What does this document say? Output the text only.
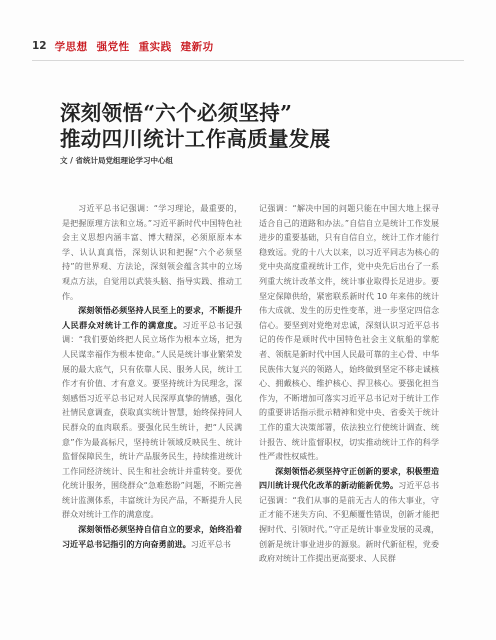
12 学思想 强党性 重实践 建新功
深刻领悟“六个必须坚持”
推动四川统计工作高质量发展
文 / 省统计局党组理论学习中心组

习近平总书记强调：“学习理论，最重要的，是把握原理方法和立场。”习近平新时代中国特色社会主义思想内涵丰富、博大精深，必须原原本本学、认认真真悟，深刻认识和把握“六个必须坚持”的世界观、方法论，深刻领会蕴含其中的立场观点方法，自觉用以武装头脑、指导实践、推动工作。

深刻领悟必须坚持人民至上的要求，不断提升人民群众对统计工作的满意度。习近平总书记强调：“我们要始终把人民立场作为根本立场，把为人民谋幸福作为根本使命。”人民是统计事业繁荣发展的最大底气，只有依靠人民、服务人民，统计工作才有价值、才有意义。要坚持统计为民理念，深刻感悟习近平总书记对人民深厚真挚的情感，强化社情民意调查，获取真实统计智慧，始终保持同人民群众的血肉联系。要强化民生统计，把“人民满意”作为最高标尺，坚持统计领域反映民生、统计监督保障民生，统计产品服务民生，持续推进统计工作同经济统计、民生和社会统计并重转变。要优化统计服务，围绕群众“急难愁盼”问题，不断完善统计监测体系，丰富统计为民产品，不断提升人民群众对统计工作的满意度。

深刻领悟必须坚持自信自立的要求，始终沿着习近平总书记指引的方向奋勇前进。习近平总书

记强调：“解决中国的问题只能在中国大地上探寻适合自己的道路和办法。”自信自立是统计工作发展进步的重要基础，只有自信自立，统计工作才能行稳致远。党的十八大以来，以习近平同志为核心的党中央高度重视统计工作，党中央先后出台了一系列重大统计改革文件，统计事业取得长足进步。要坚定保障供给，紧密联系新时代 10 年来伟的统计伟大成就、发生的历史性变革，进一步坚定四信念信心。要坚到对党绝对忠诚，深刻认识习近平总书记的传作是顽时代中国特色社会主义航船的掌舵者、领航是新时代中国人民最可靠的主心骨、中华民族伟大复兴的领路人，始终做到坚定不移走诚核心、拥戴核心、维护核心、捍卫核心。要强化担当作为，不断增加可落实习近平总书记对于统计工作的重要讲话指示批示精神和党中央、省委关于统计工作的重大决策部署，依法独立行使统计调查、统计报告、统计监督职权，切实推动统计工作的科学性严肃性权威性。

深刻领悟必须坚持守正创新的要求，积极塑造四川统计现代化改革的新动能新优势。习近平总书记强调：“我们从事的是前无古人的伟大事业，守正才能不迷失方向、不犯颠覆性错误，创新才能把握时代、引领时代。”守正是统计事业发展的灵魂，创新是统计事业进步的源泉。新时代新征程，党委政府对统计工作提出更高要求、人民群
